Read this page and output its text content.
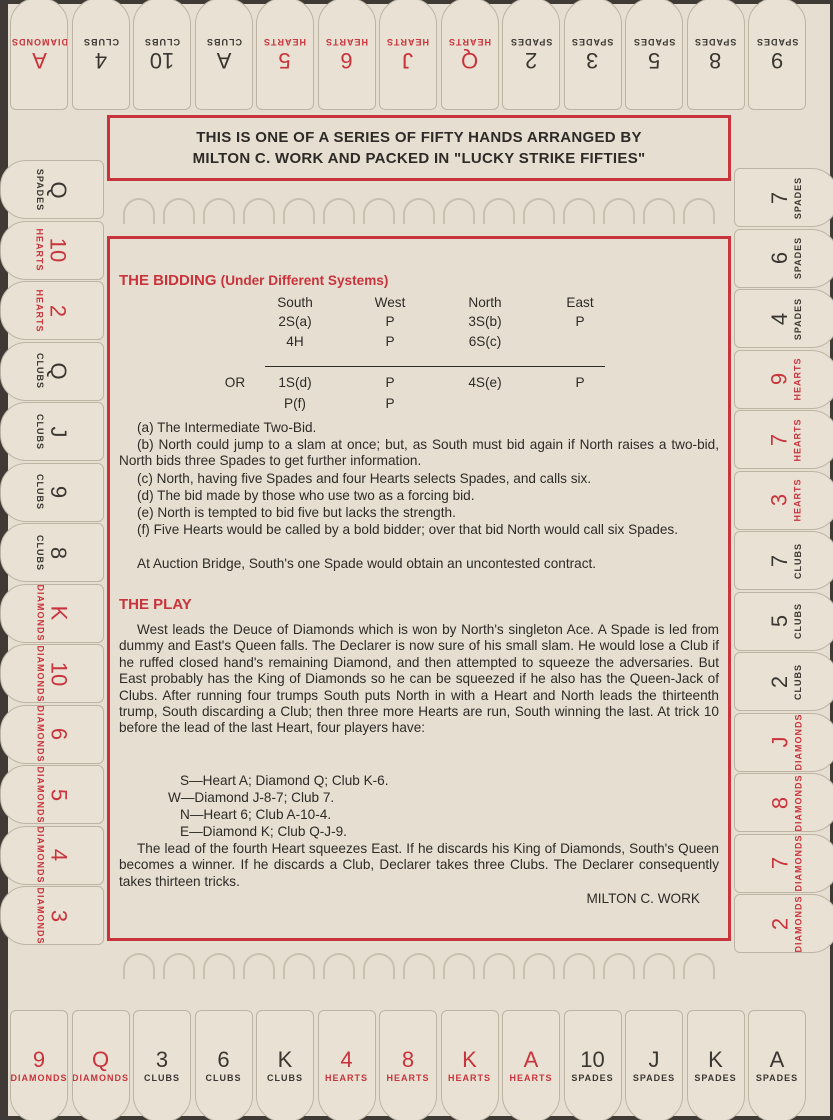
A
DIAMONDS
4
CLUBS
10
CLUBS
A
CLUBS
5
HEARTS
6
HEARTS
J
HEARTS
Q
HEARTS
2
SPADES
3
SPADES
5
SPADES
8
SPADES
9
SPADES
Q
SPADES
10
HEARTS
2
HEARTS
Q
CLUBS
J
CLUBS
9
CLUBS
8
CLUBS
K
DIAMONDS
10
DIAMONDS
6
DIAMONDS
5
DIAMONDS
4
DIAMONDS
3
DIAMONDS
7 SPADES
6 SPADES
4 SPADES
9 HEARTS
7 HEARTS
3 HEARTS
7 CLUBS
5 CLUBS
2 CLUBS
J DIAMONDS
8 DIAMONDS
7 DIAMONDS
2 DIAMONDS
9
DIAMONDS
Q
DIAMONDS
3
CLUBS
6
CLUBS
K
CLUBS
4
HEARTS
8
HEARTS
K
HEARTS
A
HEARTS
10
SPADES
J
SPADES
K
SPADES
A
SPADES
THIS IS ONE OF A SERIES OF FIFTY HANDS ARRANGED BY
MILTON C. WORK AND PACKED IN "LUCKY STRIKE FIFTIES"
THE BIDDING (Under Different Systems)
South	West	North	East
2S(a)	P	3S(b)	P
4H	P	6S(c)
OR	1S(d)	P	4S(e)	P
P(f)	P
(a) The Intermediate Two-Bid.
(b) North could jump to a slam at once; but, as South must bid again if North raises a two-bid, North bids three Spades to get further information.
(c) North, having five Spades and four Hearts selects Spades, and calls six.
(d) The bid made by those who use two as a forcing bid.
(e) North is tempted to bid five but lacks the strength.
(f) Five Hearts would be called by a bold bidder; over that bid North would call six Spades.
At Auction Bridge, South's one Spade would obtain an uncontested contract.
THE PLAY
West leads the Deuce of Diamonds which is won by North's singleton Ace. A Spade is led from dummy and East's Queen falls. The Declarer is now sure of his small slam. He would lose a Club if he ruffed closed hand's remaining Diamond, and then attempted to squeeze the adversaries. But East probably has the King of Diamonds so he can be squeezed if he also has the Queen-Jack of Clubs. After running four trumps South puts North in with a Heart and North leads the thirteenth trump, South discarding a Club; then three more Hearts are run, South winning the last. At trick 10 before the lead of the last Heart, four players have:
S—Heart A; Diamond Q; Club K-6.
W—Diamond J-8-7; Club 7.
N—Heart 6; Club A-10-4.
E—Diamond K; Club Q-J-9.
The lead of the fourth Heart squeezes East. If he discards his King of Diamonds, South's Queen becomes a winner. If he discards a Club, Declarer takes three Clubs. The Declarer consequently takes thirteen tricks.
MILTON C. WORK
